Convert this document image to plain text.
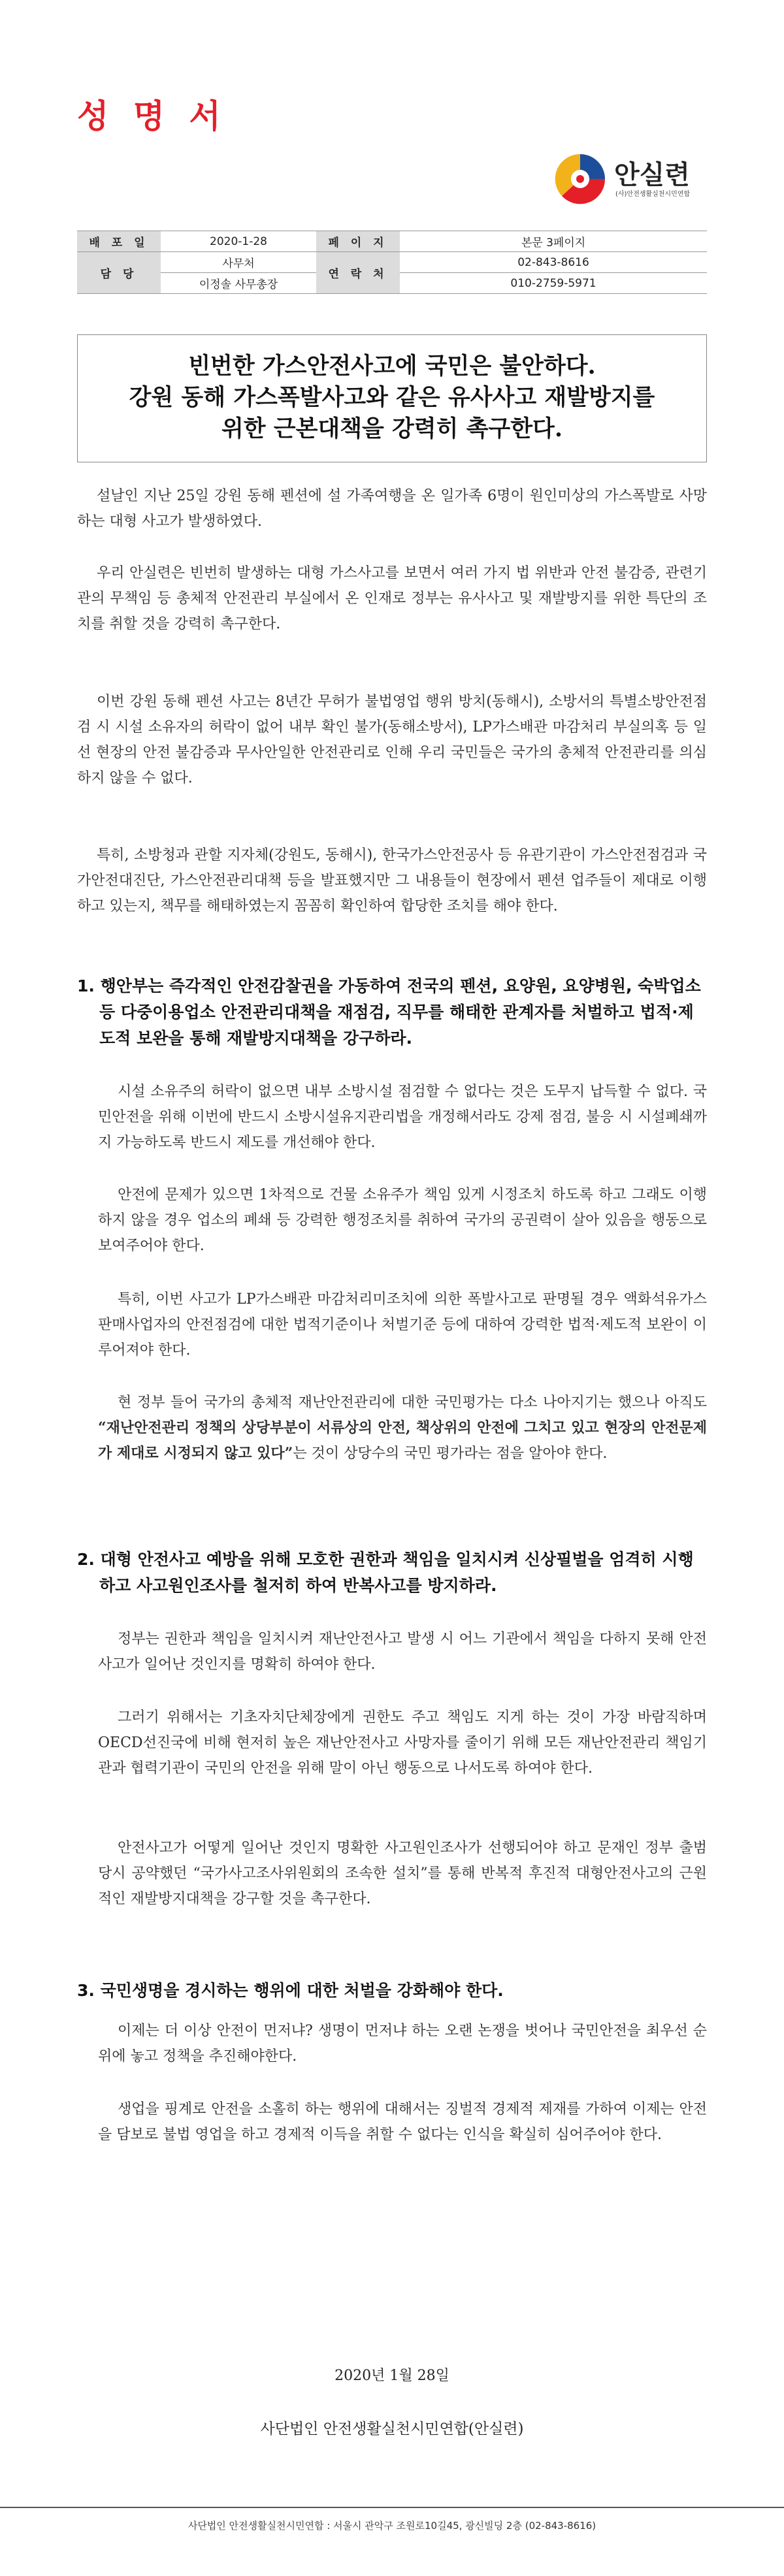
성 명 서
안실련
(사)안전생활실천시민연합
배 포 일	2020-1-28	페 이 지	본문 3페이지
담 당	사무처	연 락 처	02-843-8616
	이정솔 사무총장		010-2759-5971
빈번한 가스안전사고에 국민은 불안하다.
강원 동해 가스폭발사고와 같은 유사사고 재발방지를
위한 근본대책을 강력히 촉구한다.
설날인 지난 25일 강원 동해 펜션에 설 가족여행을 온 일가족 6명이 원인미상의 가스폭발로 사망하는 대형 사고가 발생하였다.
우리 안실련은 빈번히 발생하는 대형 가스사고를 보면서 여러 가지 법 위반과 안전 불감증, 관련기관의 무책임 등 총체적 안전관리 부실에서 온 인재로 정부는 유사사고 및 재발방지를 위한 특단의 조치를 취할 것을 강력히 촉구한다.
이번 강원 동해 펜션 사고는 8년간 무허가 불법영업 행위 방치(동해시), 소방서의 특별소방안전점검 시 시설 소유자의 허락이 없어 내부 확인 불가(동해소방서), LP가스배관 마감처리 부실의혹 등 일선 현장의 안전 불감증과 무사안일한 안전관리로 인해 우리 국민들은 국가의 총체적 안전관리를 의심하지 않을 수 없다.
특히, 소방청과 관할 지자체(강원도, 동해시), 한국가스안전공사 등 유관기관이 가스안전점검과 국가안전대진단, 가스안전관리대책 등을 발표했지만 그 내용들이 현장에서 펜션 업주들이 제대로 이행하고 있는지, 책무를 해태하였는지 꼼꼼히 확인하여 합당한 조치를 해야 한다.
1. 행안부는 즉각적인 안전감찰권을 가동하여 전국의 펜션, 요양원, 요양병원, 숙박업소 등 다중이용업소 안전관리대책을 재점검, 직무를 해태한 관계자를 처벌하고 법적·제도적 보완을 통해 재발방지대책을 강구하라.
시설 소유주의 허락이 없으면 내부 소방시설 점검할 수 없다는 것은 도무지 납득할 수 없다. 국민안전을 위해 이번에 반드시 소방시설유지관리법을 개정해서라도 강제 점검, 불응 시 시설폐쇄까지 가능하도록 반드시 제도를 개선해야 한다.
안전에 문제가 있으면 1차적으로 건물 소유주가 책임 있게 시정조치 하도록 하고 그래도 이행하지 않을 경우 업소의 폐쇄 등 강력한 행정조치를 취하여 국가의 공권력이 살아 있음을 행동으로 보여주어야 한다.
특히, 이번 사고가 LP가스배관 마감처리미조치에 의한 폭발사고로 판명될 경우 액화석유가스판매사업자의 안전점검에 대한 법적기준이나 처벌기준 등에 대하여 강력한 법적·제도적 보완이 이루어져야 한다.
현 정부 들어 국가의 총체적 재난안전관리에 대한 국민평가는 다소 나아지기는 했으나 아직도 “재난안전관리 정책의 상당부분이 서류상의 안전, 책상위의 안전에 그치고 있고 현장의 안전문제가 제대로 시정되지 않고 있다”는 것이 상당수의 국민 평가라는 점을 알아야 한다.
2. 대형 안전사고 예방을 위해 모호한 권한과 책임을 일치시켜 신상필벌을 엄격히 시행하고 사고원인조사를 철저히 하여 반복사고를 방지하라.
정부는 권한과 책임을 일치시켜 재난안전사고 발생 시 어느 기관에서 책임을 다하지 못해 안전사고가 일어난 것인지를 명확히 하여야 한다.
그러기 위해서는 기초자치단체장에게 권한도 주고 책임도 지게 하는 것이 가장 바람직하며 OECD선진국에 비해 현저히 높은 재난안전사고 사망자를 줄이기 위해 모든 재난안전관리 책임기관과 협력기관이 국민의 안전을 위해 말이 아닌 행동으로 나서도록 하여야 한다.
안전사고가 어떻게 일어난 것인지 명확한 사고원인조사가 선행되어야 하고 문재인 정부 출범 당시 공약했던 “국가사고조사위원회의 조속한 설치”를 통해 반복적 후진적 대형안전사고의 근원적인 재발방지대책을 강구할 것을 촉구한다.
3. 국민생명을 경시하는 행위에 대한 처벌을 강화해야 한다.
이제는 더 이상 안전이 먼저냐? 생명이 먼저냐 하는 오랜 논쟁을 벗어나 국민안전을 최우선 순위에 놓고 정책을 추진해야한다.
생업을 핑계로 안전을 소홀히 하는 행위에 대해서는 징벌적 경제적 제재를 가하여 이제는 안전을 담보로 불법 영업을 하고 경제적 이득을 취할 수 없다는 인식을 확실히 심어주어야 한다.
2020년 1월 28일
사단법인 안전생활실천시민연합(안실련)
사단법인 안전생활실천시민연합 : 서울시 관악구 조원로10길45, 광신빌딩 2층 (02-843-8616)
